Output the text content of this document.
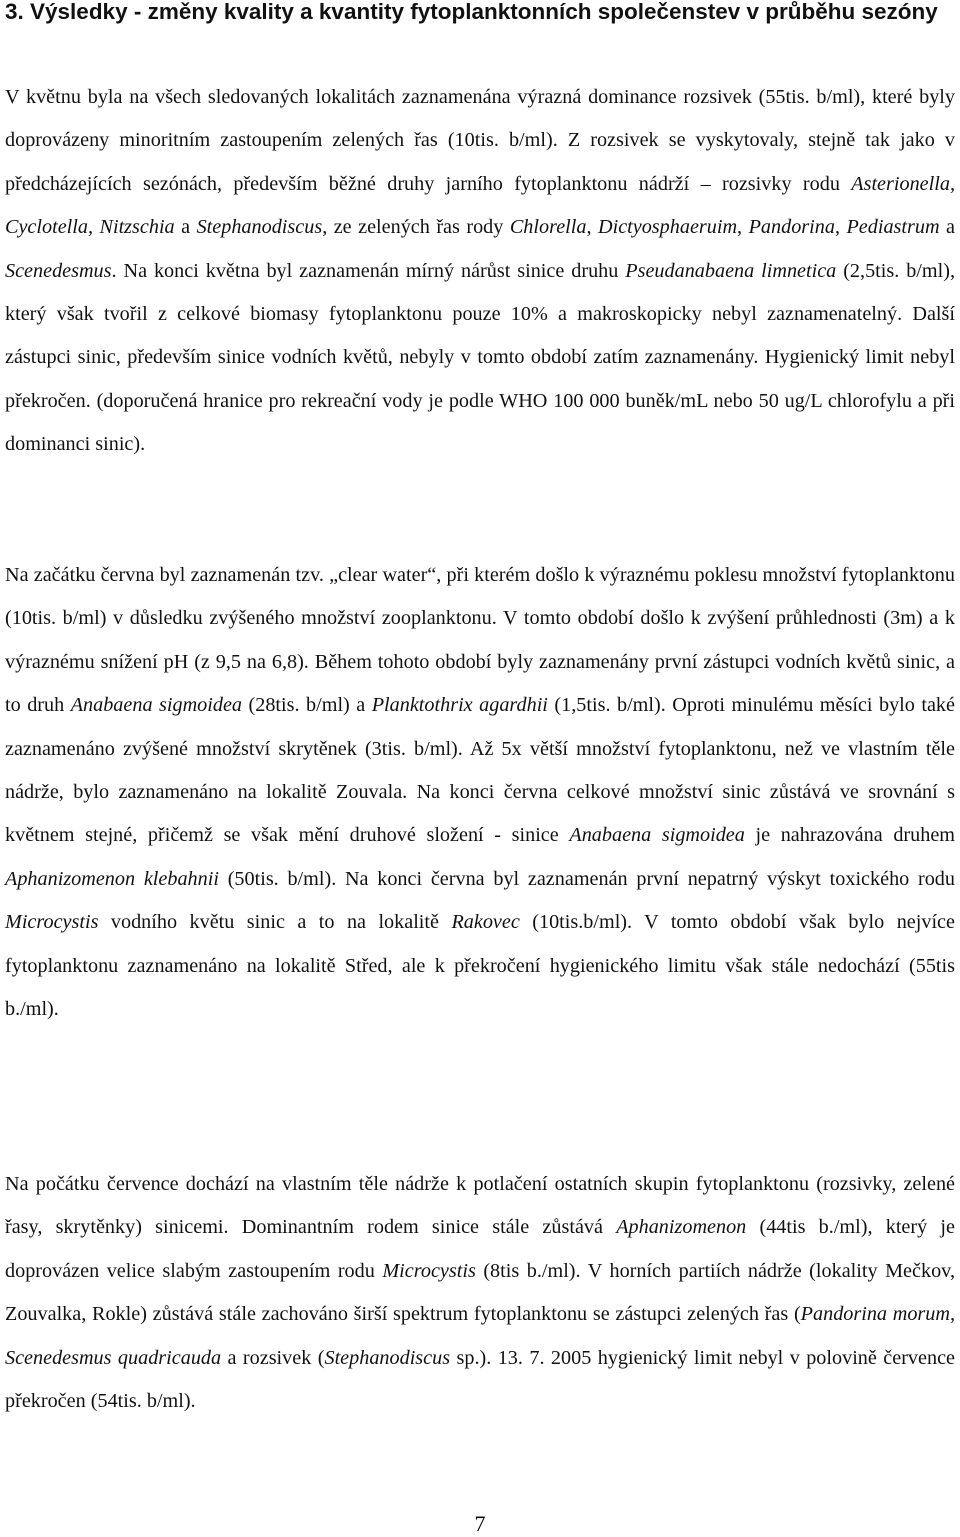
3. Výsledky - změny kvality a kvantity fytoplanktonních společenstev v průběhu sezóny

V květnu byla na všech sledovaných lokalitách zaznamenána výrazná dominance rozsivek (55tis. b/ml), které byly doprovázeny minoritním zastoupením zelených řas (10tis. b/ml). Z rozsivek se vyskytovaly, stejně tak jako v předcházejících sezónách, především běžné druhy jarního fytoplanktonu nádrží – rozsivky rodu Asterionella, Cyclotella, Nitzschia a Stephanodiscus, ze zelených řas rody Chlorella, Dictyosphaeruim, Pandorina, Pediastrum a Scenedesmus. Na konci května byl zaznamenán mírný nárůst sinice druhu Pseudanabaena limnetica (2,5tis. b/ml), který však tvořil z celkové biomasy fytoplanktonu pouze 10% a makroskopicky nebyl zaznamenatelný. Další zástupci sinic, především sinice vodních květů, nebyly v tomto období zatím zaznamenány. Hygienický limit nebyl překročen. (doporučená hranice pro rekreační vody je podle WHO 100 000 buněk/mL nebo 50 ug/L chlorofylu a při dominanci sinic).

Na začátku června byl zaznamenán tzv. „clear water“, při kterém došlo k výraznému poklesu množství fytoplanktonu (10tis. b/ml) v důsledku zvýšeného množství zooplanktonu. V tomto období došlo k zvýšení průhlednosti (3m) a k výraznému snížení pH (z 9,5 na 6,8). Během tohoto období byly zaznamenány první zástupci vodních květů sinic, a to druh Anabaena sigmoidea (28tis. b/ml) a Planktothrix agardhii (1,5tis. b/ml). Oproti minulému měsíci bylo také zaznamenáno zvýšené množství skrytěnek (3tis. b/ml). Až 5x větší množství fytoplanktonu, než ve vlastním těle nádrže, bylo zaznamenáno na lokalitě Zouvala. Na konci června celkové množství sinic zůstává ve srovnání s květnem stejné, přičemž se však mění druhové složení - sinice Anabaena sigmoidea je nahrazována druhem Aphanizomenon klebahnii (50tis. b/ml). Na konci června byl zaznamenán první nepatrný výskyt toxického rodu Microcystis vodního květu sinic a to na lokalitě Rakovec (10tis.b/ml). V tomto období však bylo nejvíce fytoplanktonu zaznamenáno na lokalitě Střed, ale k překročení hygienického limitu však stále nedochází (55tis b./ml).

Na počátku července dochází na vlastním těle nádrže k potlačení ostatních skupin fytoplanktonu (rozsivky, zelené řasy, skrytěnky) sinicemi. Dominantním rodem sinice stále zůstává Aphanizomenon (44tis b./ml), který je doprovázen velice slabým zastoupením rodu Microcystis (8tis b./ml). V horních partiích nádrže (lokality Mečkov, Zouvalka, Rokle) zůstává stále zachováno širší spektrum fytoplanktonu se zástupci zelených řas (Pandorina morum, Scenedesmus quadricauda a rozsivek (Stephanodiscus sp.). 13. 7. 2005 hygienický limit nebyl v polovině července překročen (54tis. b/ml).

7
